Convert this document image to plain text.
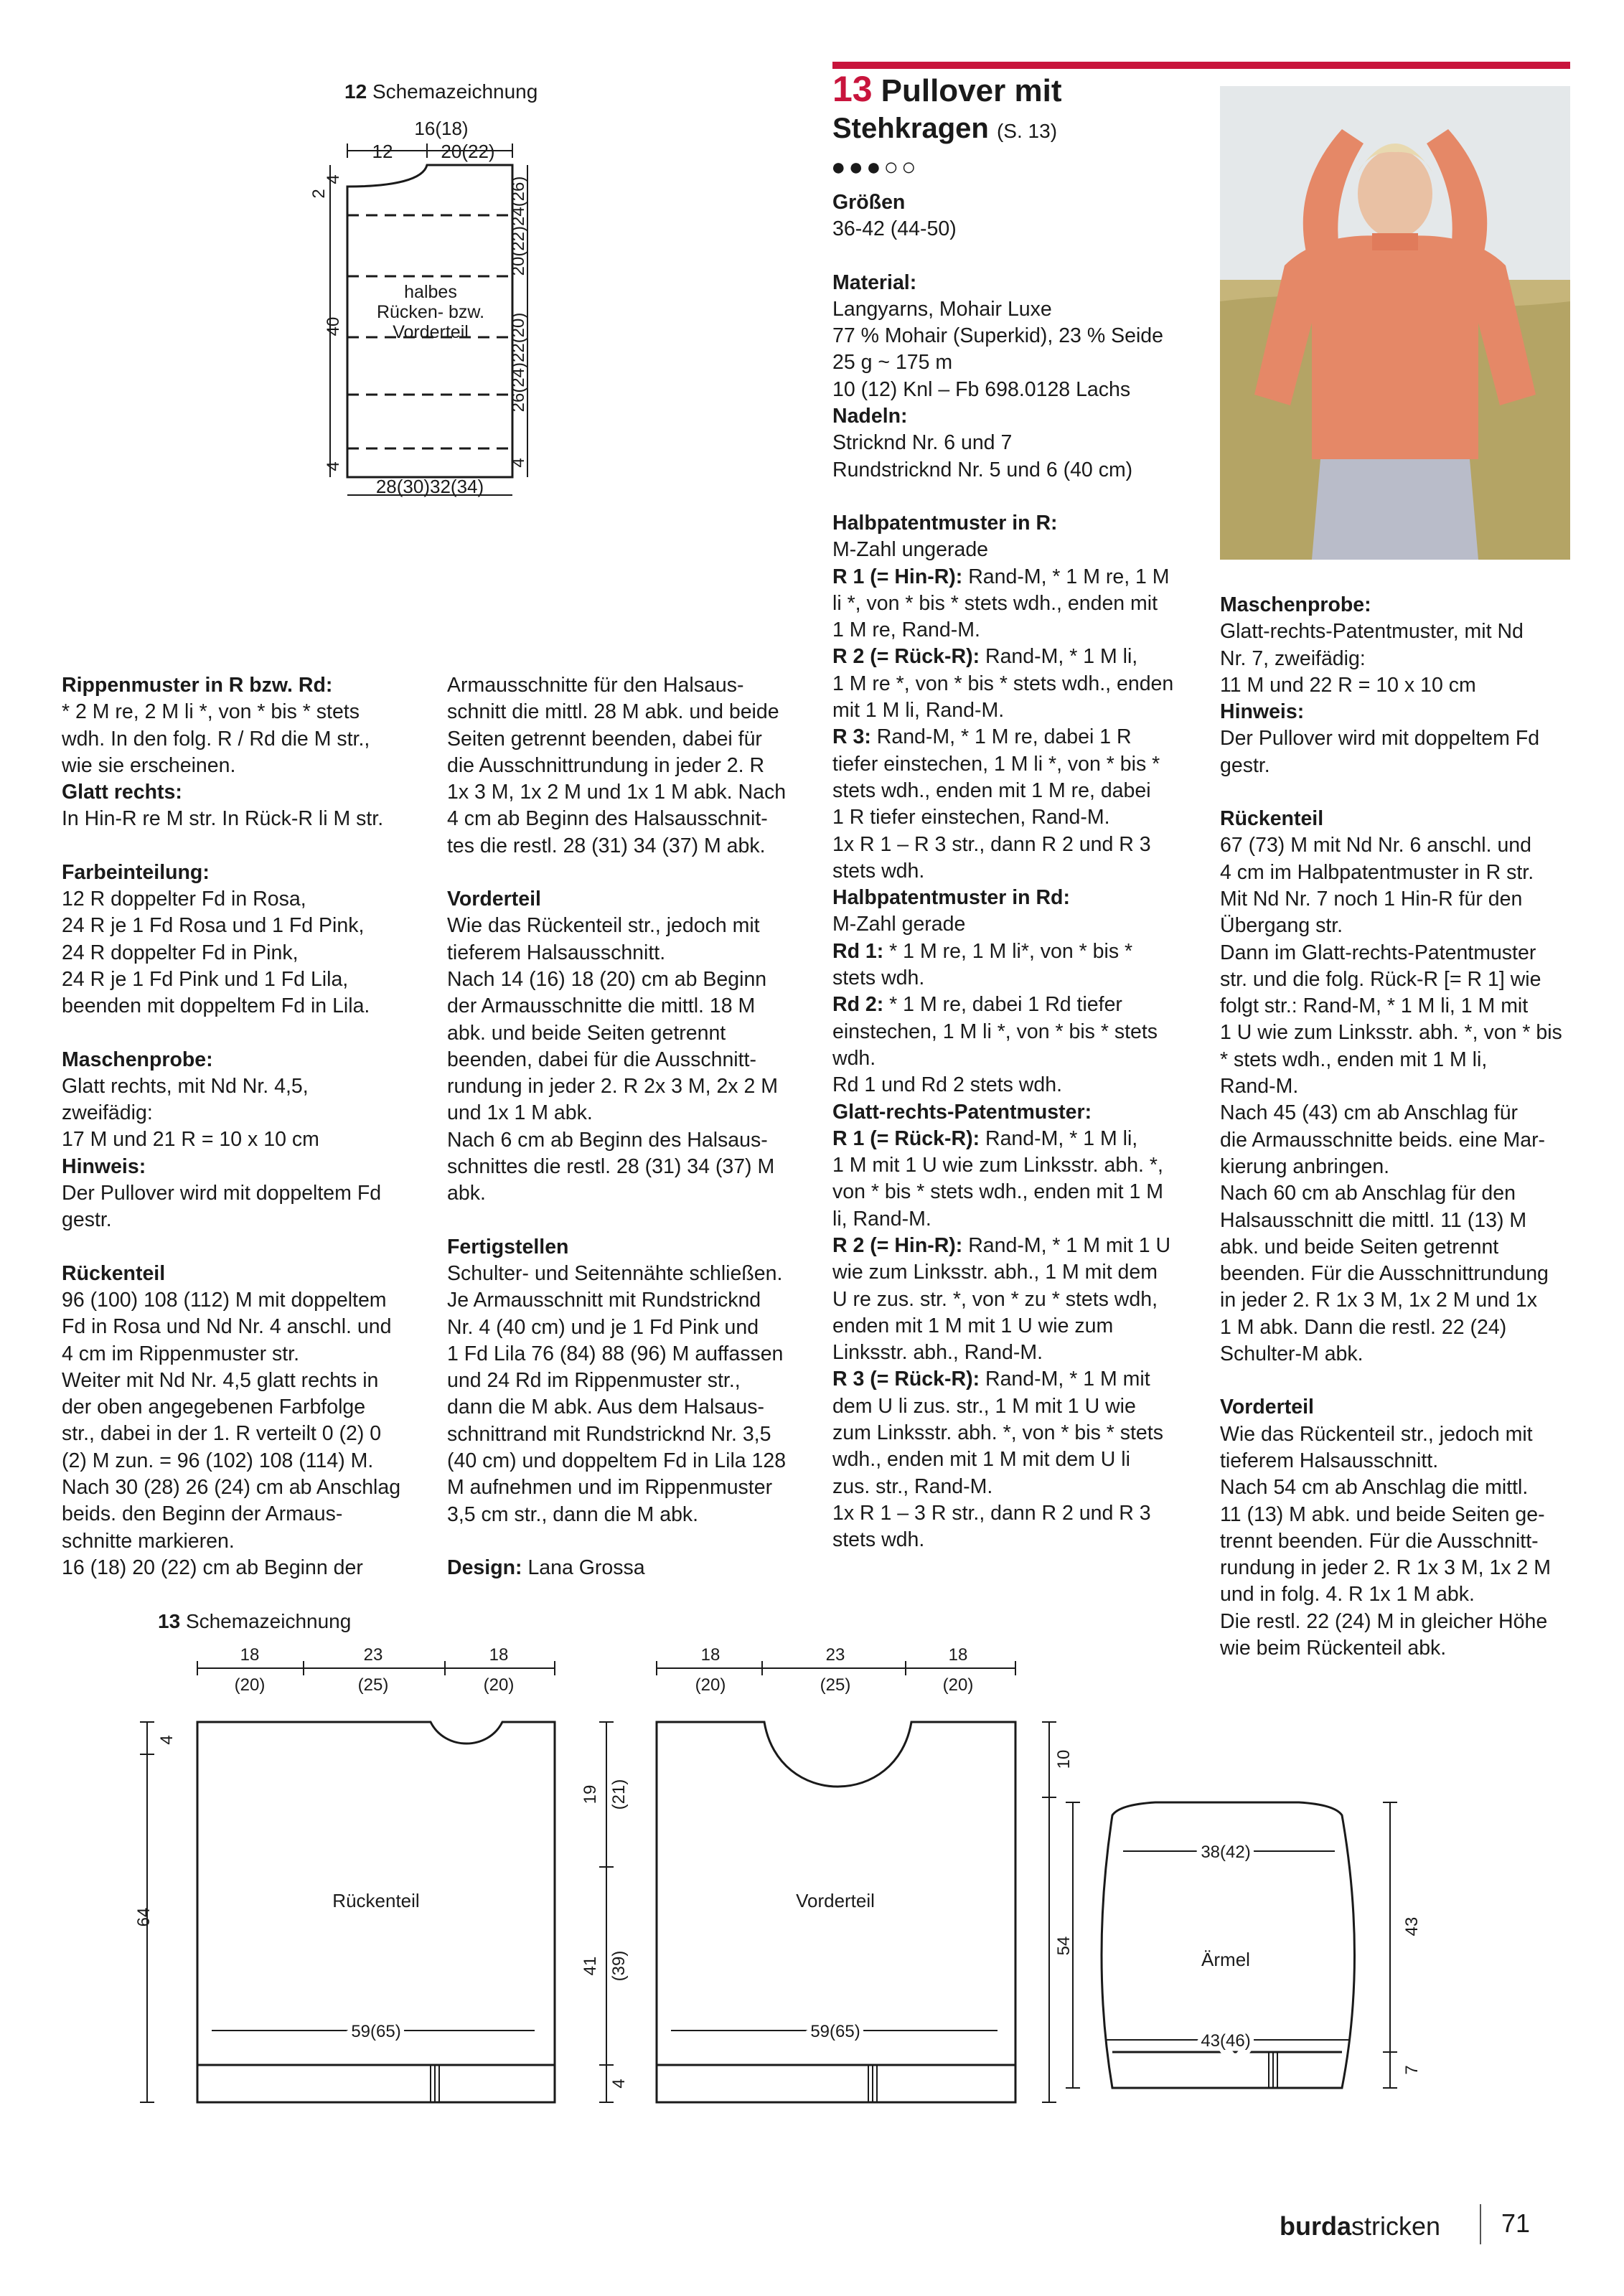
12 Schemazeichnung
16(18)
12	20(22)
2
4
40
4
20(22)24(26)
26(24)22(20)
4
28(30)32(34)
halbes
Rücken- bzw.
Vorderteil
13 Pullover mit
Stehkragen (S. 13)
●●●○○

Rippenmuster in R bzw. Rd:

* 2 M re, 2 M li *, von * bis * stets
wdh. In den folg. R / Rd die M str.,
wie sie erscheinen.

Glatt rechts:

In Hin-R re M str. In Rück-R li M str.

Farbeinteilung:

12 R doppelter Fd in Rosa,
24 R je 1 Fd Rosa und 1 Fd Pink,
24 R doppelter Fd in Pink,
24 R je 1 Fd Pink und 1 Fd Lila,
beenden mit doppeltem Fd in Lila.

Maschenprobe:

Glatt rechts, mit Nd Nr. 4,5,
zweifädig:
17 M und 21 R = 10 x 10 cm

Hinweis:

Der Pullover wird mit doppeltem Fd
gestr.

Rückenteil

96 (100) 108 (112) M mit doppeltem
Fd in Rosa und Nd Nr. 4 anschl. und
4 cm im Rippenmuster str.
Weiter mit Nd Nr. 4,5 glatt rechts in
der oben angegebenen Farbfolge
str., dabei in der 1. R verteilt 0 (2) 0
(2) M zun. = 96 (102) 108 (114) M.
Nach 30 (28) 26 (24) cm ab Anschlag
beids. den Beginn der Armaus-
schnitte markieren.
16 (18) 20 (22) cm ab Beginn der

Armausschnitte für den Halsaus-
schnitt die mittl. 28 M abk. und beide
Seiten getrennt beenden, dabei für
die Ausschnittrundung in jeder 2. R
1x 3 M, 1x 2 M und 1x 1 M abk. Nach
4 cm ab Beginn des Halsausschnit-
tes die restl. 28 (31) 34 (37) M abk.

Vorderteil

Wie das Rückenteil str., jedoch mit
tieferem Halsausschnitt.
Nach 14 (16) 18 (20) cm ab Beginn
der Armausschnitte die mittl. 18 M
abk. und beide Seiten getrennt
beenden, dabei für die Ausschnitt-
rundung in jeder 2. R 2x 3 M, 2x 2 M
und 1x 1 M abk.
Nach 6 cm ab Beginn des Halsaus-
schnittes die restl. 28 (31) 34 (37) M
abk.

Fertigstellen

Schulter- und Seitennähte schließen.
Je Armausschnitt mit Rundstricknd
Nr. 4 (40 cm) und je 1 Fd Pink und
1 Fd Lila 76 (84) 88 (96) M auffassen
und 24 Rd im Rippenmuster str.,
dann die M abk. Aus dem Halsaus-
schnittrand mit Rundstricknd Nr. 3,5
(40 cm) und doppeltem Fd in Lila 128
M aufnehmen und im Rippenmuster
3,5 cm str., dann die M abk.

Design: Lana Grossa

Größen

36-42 (44-50)

Material:

Langyarns, Mohair Luxe
77 % Mohair (Superkid), 23 % Seide
25 g ~ 175 m
10 (12) Knl – Fb 698.0128 Lachs

Nadeln:

Stricknd Nr. 6 und 7
Rundstricknd Nr. 5 und 6 (40 cm)

Halbpatentmuster in R:

M-Zahl ungerade

R 1 (= Hin-R): Rand-M, * 1 M re, 1 M
li *, von * bis * stets wdh., enden mit
1 M re, Rand-M.

R 2 (= Rück-R): Rand-M, * 1 M li,
1 M re *, von * bis * stets wdh., enden
mit 1 M li, Rand-M.

R 3: Rand-M, * 1 M re, dabei 1 R
tiefer einstechen, 1 M li *, von * bis *
stets wdh., enden mit 1 M re, dabei
1 R tiefer einstechen, Rand-M.
1x R 1 – R 3 str., dann R 2 und R 3
stets wdh.

Halbpatentmuster in Rd:

M-Zahl gerade

Rd 1: * 1 M re, 1 M li*, von * bis *
stets wdh.

Rd 2: * 1 M re, dabei 1 Rd tiefer
einstechen, 1 M li *, von * bis * stets
wdh.
Rd 1 und Rd 2 stets wdh.

Glatt-rechts-Patentmuster:

R 1 (= Rück-R): Rand-M, * 1 M li,
1 M mit 1 U wie zum Linksstr. abh. *,
von * bis * stets wdh., enden mit 1 M
li, Rand-M.

R 2 (= Hin-R): Rand-M, * 1 M mit 1 U
wie zum Linksstr. abh., 1 M mit dem
U re zus. str. *, von * zu * stets wdh,
enden mit 1 M mit 1 U wie zum
Linksstr. abh., Rand-M.

R 3 (= Rück-R): Rand-M, * 1 M mit
dem U li zus. str., 1 M mit 1 U wie
zum Linksstr. abh. *, von * bis * stets
wdh., enden mit 1 M mit dem U li
zus. str., Rand-M.
1x R 1 – 3 R str., dann R 2 und R 3
stets wdh.

Maschenprobe:

Glatt-rechts-Patentmuster, mit Nd
Nr. 7, zweifädig:
11 M und 22 R = 10 x 10 cm

Hinweis:

Der Pullover wird mit doppeltem Fd
gestr.

Rückenteil

67 (73) M mit Nd Nr. 6 anschl. und
4 cm im Halbpatentmuster in R str.
Mit Nd Nr. 7 noch 1 Hin-R für den
Übergang str.
Dann im Glatt-rechts-Patentmuster
str. und die folg. Rück-R [= R 1] wie
folgt str.: Rand-M, * 1 M li, 1 M mit
1 U wie zum Linksstr. abh. *, von * bis
* stets wdh., enden mit 1 M li,
Rand-M.
Nach 45 (43) cm ab Anschlag für
die Armausschnitte beids. eine Mar-
kierung anbringen.
Nach 60 cm ab Anschlag für den
Halsausschnitt die mittl. 11 (13) M
abk. und beide Seiten getrennt
beenden. Für die Ausschnittrundung
in jeder 2. R 1x 3 M, 1x 2 M und 1x
1 M abk. Dann die restl. 22 (24)
Schulter-M abk.

Vorderteil

Wie das Rückenteil str., jedoch mit
tieferem Halsausschnitt.
Nach 54 cm ab Anschlag die mittl.
11 (13) M abk. und beide Seiten ge-
trennt beenden. Für die Ausschnitt-
rundung in jeder 2. R 1x 3 M, 1x 2 M
und in folg. 4. R 1x 1 M abk.
Die restl. 22 (24) M in gleicher Höhe
wie beim Rückenteil abk.

13 Schemazeichnung
18
(20)
23
(25)
18
(20)
4
64
Rückenteil
59(65)
18
(20)
23
(25)
18
(20)
19 (21)
41 (39)
4
10
Vorderteil
59(65)
38(42)
54
Ärmel
43(46)
43
7
burdastricken 71
